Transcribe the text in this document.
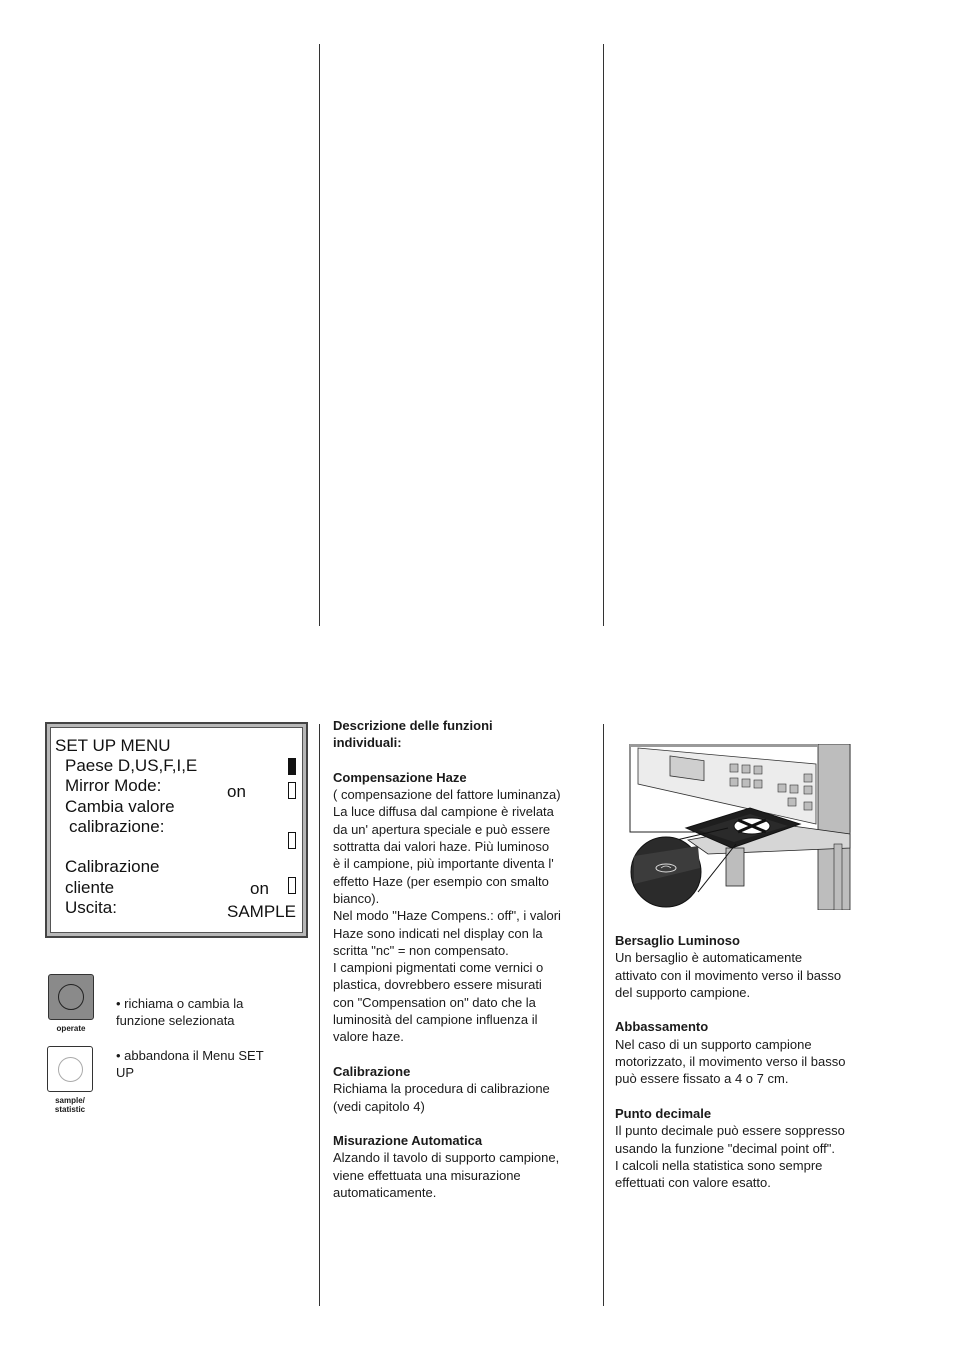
SET UP MENU
Paese D,US,F,I,E
Mirror Mode:
Cambia valore
calibrazione:
Calibrazione
cliente
Uscita:
on
on
SAMPLE
operate
• richiama o cambia la funzione selezionata
sample/ statistic
• abbandona il Menu SET UP

Descrizione delle funzioni
individuali:

Compensazione Haze
( compensazione del fattore luminanza)
La luce diffusa dal campione è rivelata
da un' apertura speciale e può essere
sottratta dai valori haze. Più luminoso
è il campione, più importante diventa l'
effetto Haze (per esempio con smalto
bianco).
Nel modo "Haze Compens.: off", i valori
Haze sono indicati nel display con la
scritta "nc" = non compensato.
I campioni pigmentati come vernici o
plastica, dovrebbero essere misurati
con "Compensation on" dato che la
luminosità del campione influenza il
valore haze.

Calibrazione
Richiama la procedura di calibrazione
(vedi capitolo 4)

Misurazione Automatica
Alzando il tavolo di supporto campione,
viene effettuata una misurazione
automaticamente.

Bersaglio Luminoso
Un bersaglio è automaticamente
attivato con il movimento verso il basso
del supporto campione.

Abbassamento
Nel caso di un supporto campione
motorizzato, il movimento verso il basso
può essere fissato a 4 o 7 cm.

Punto decimale
Il punto decimale può essere soppresso
usando la funzione "decimal point off".
I calcoli nella statistica sono sempre
effettuati con valore esatto.
